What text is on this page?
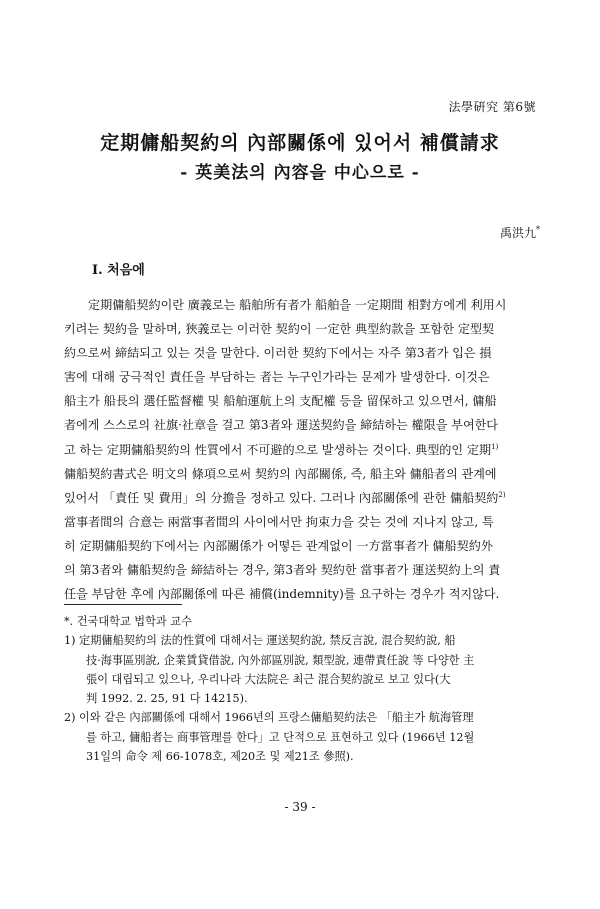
法學硏究 第6號
定期傭船契約의 內部關係에 있어서 補償請求
- 英美法의 內容을 中心으로 -
禹洪九*
Ⅰ. 처음에
定期傭船契約이란 廣義로는 船舶所有者가 船舶을 一定期間 相對方에게 利用시
키려는 契約을 말하며, 狹義로는 이러한 契約이 一定한 典型約款을 포함한 定型契
約으로써 締結되고 있는 것을 말한다. 이러한 契約下에서는 자주 第3者가 입은 損
害에 대해 궁극적인 責任을 부담하는 者는 누구인가라는 문제가 발생한다. 이것은
船主가 船長의 選任監督權 및 船舶運航上의 支配權 등을 留保하고 있으면서, 傭船
者에게 스스로의 社旗·社章을 걸고 第3者와 運送契約을 締結하는 權限을 부여한다
고 하는 定期傭船契約의 性質에서 不可避的으로 발생하는 것이다. 典型的인 定期$^{1)}$
傭船契約書式은 明文의 條項으로써 契約의 內部關係, 즉, 船主와 傭船者의 관계에
있어서 「責任 및 費用」의 分擔을 정하고 있다. 그러나 內部關係에 관한 傭船契約$^{2)}$
當事者間의 合意는 兩當事者間의 사이에서만 拘束力을 갖는 것에 지나지 않고, 특
히 定期傭船契約下에서는 內部關係가 어떻든 관계없이 一方當事者가 傭船契約外
의 第3者와 傭船契約을 締結하는 경우, 第3者와 契約한 當事者가 運送契約上의 責
任을 부담한 후에 內部關係에 따른 補償(indemnity)를 요구하는 경우가 적지않다.
*. 건국대학교 법학과 교수
1) 定期傭船契約의 法的性質에 대해서는 運送契約說, 禁反言說, 混合契約說, 船
技·海事區別說, 企業賃貸借說, 內外部區別說, 類型說, 連帶責任說 等 다양한 主
張이 대립되고 있으나, 우리나라 大法院은 최근 混合契約說로 보고 있다(大
判 1992. 2. 25, 91 다 14215).
2) 이와 같은 內部關係에 대해서 1966년의 프랑스傭船契約法은 「船主가 航海管理
를 하고, 傭船者는 商事管理를 한다」고 단적으로 표현하고 있다 (1966년 12월
31일의 命令 제 66-1078호, 제20조 및 제21조 參照).
- 39 -
